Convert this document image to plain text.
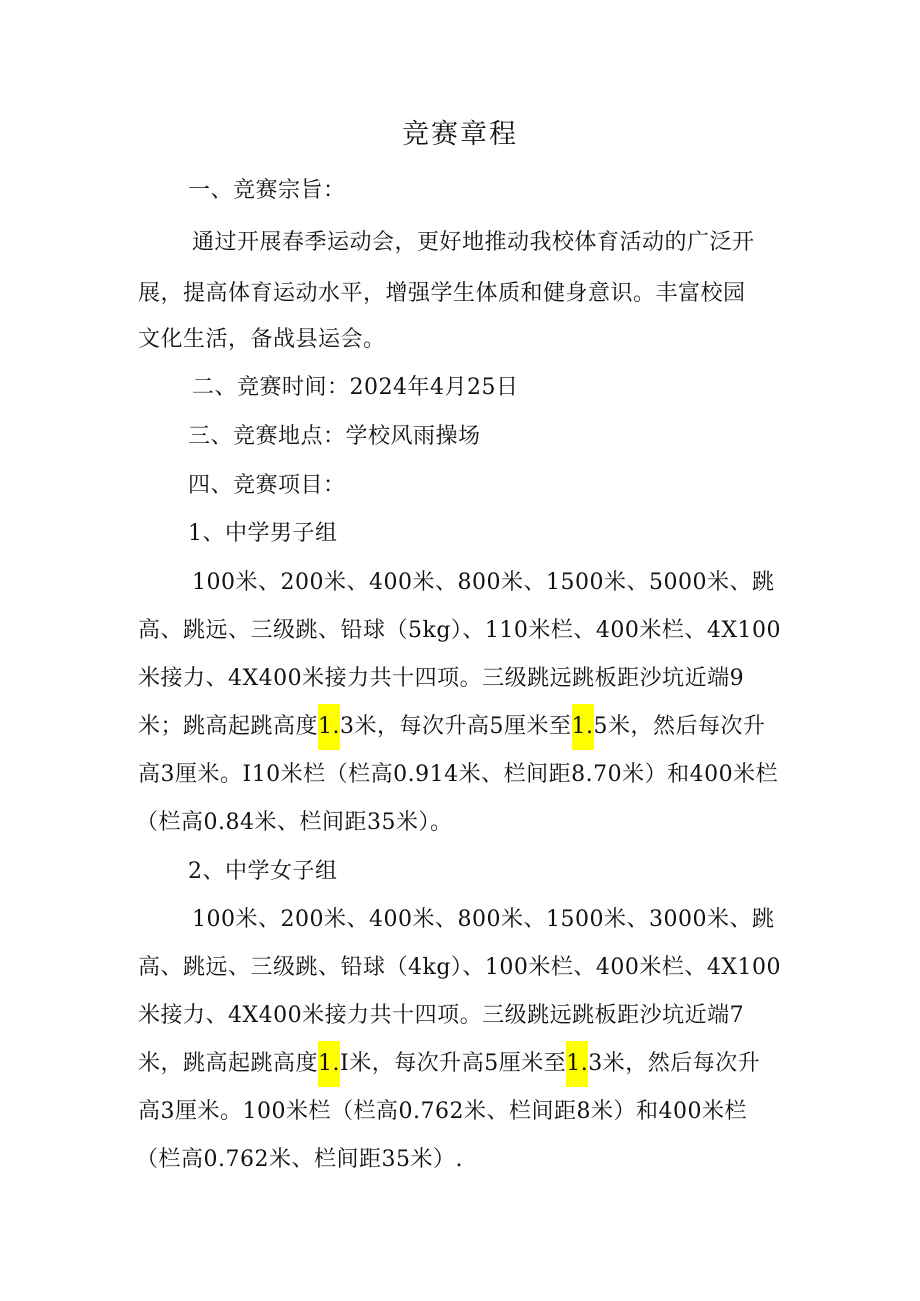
竞赛章程
一、竞赛宗旨：
通过开展春季运动会，更好地推动我校体育活动的广泛开
展，提高体育运动水平，增强学生体质和健身意识。丰富校园
文化生活，备战县运会。
二、竞赛时间：2024年4月25日
三、竞赛地点：学校风雨操场
四、竞赛项目：
1、中学男子组
100米、200米、400米、800米、1500米、5000米、跳
高、跳远、三级跳、铅球（5kg）、110米栏、400米栏、4X100
米接力、4X400米接力共十四项。三级跳远跳板距沙坑近端9
米；跳高起跳高度1.3米，每次升高5厘米至1.5米，然后每次升
高3厘米。I10米栏（栏高0.914米、栏间距8.70米）和400米栏
（栏高0.84米、栏间距35米）。
2、中学女子组
100米、200米、400米、800米、1500米、3000米、跳
高、跳远、三级跳、铅球（4kg）、100米栏、400米栏、4X100
米接力、4X400米接力共十四项。三级跳远跳板距沙坑近端7
米，跳高起跳高度1.I米，每次升高5厘米至1.3米，然后每次升
高3厘米。100米栏（栏高0.762米、栏间距8米）和400米栏
（栏高0.762米、栏间距35米）.
